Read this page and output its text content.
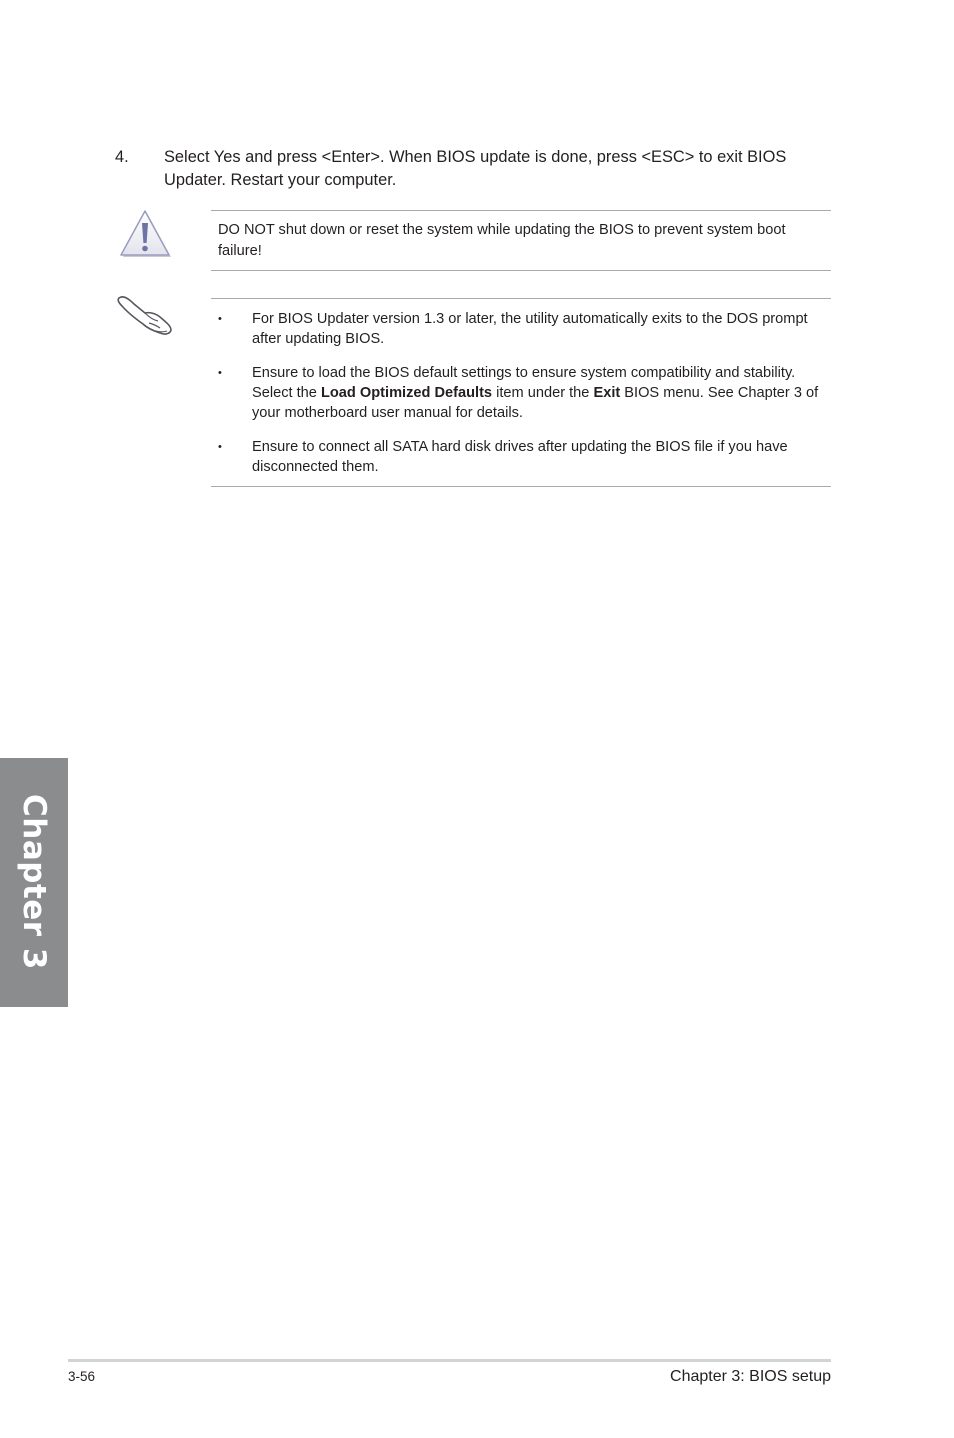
4. Select Yes and press <Enter>. When BIOS update is done, press <ESC> to exit BIOS Updater. Restart your computer.
DO NOT shut down or reset the system while updating the BIOS to prevent system boot failure!
• For BIOS Updater version 1.3 or later, the utility automatically exits to the DOS prompt after updating BIOS.
• Ensure to load the BIOS default settings to ensure system compatibility and stability. Select the Load Optimized Defaults item under the Exit BIOS menu. See Chapter 3 of your motherboard user manual for details.
• Ensure to connect all SATA hard disk drives after updating the BIOS file if you have disconnected them.
Chapter 3
3-56	Chapter 3: BIOS setup
